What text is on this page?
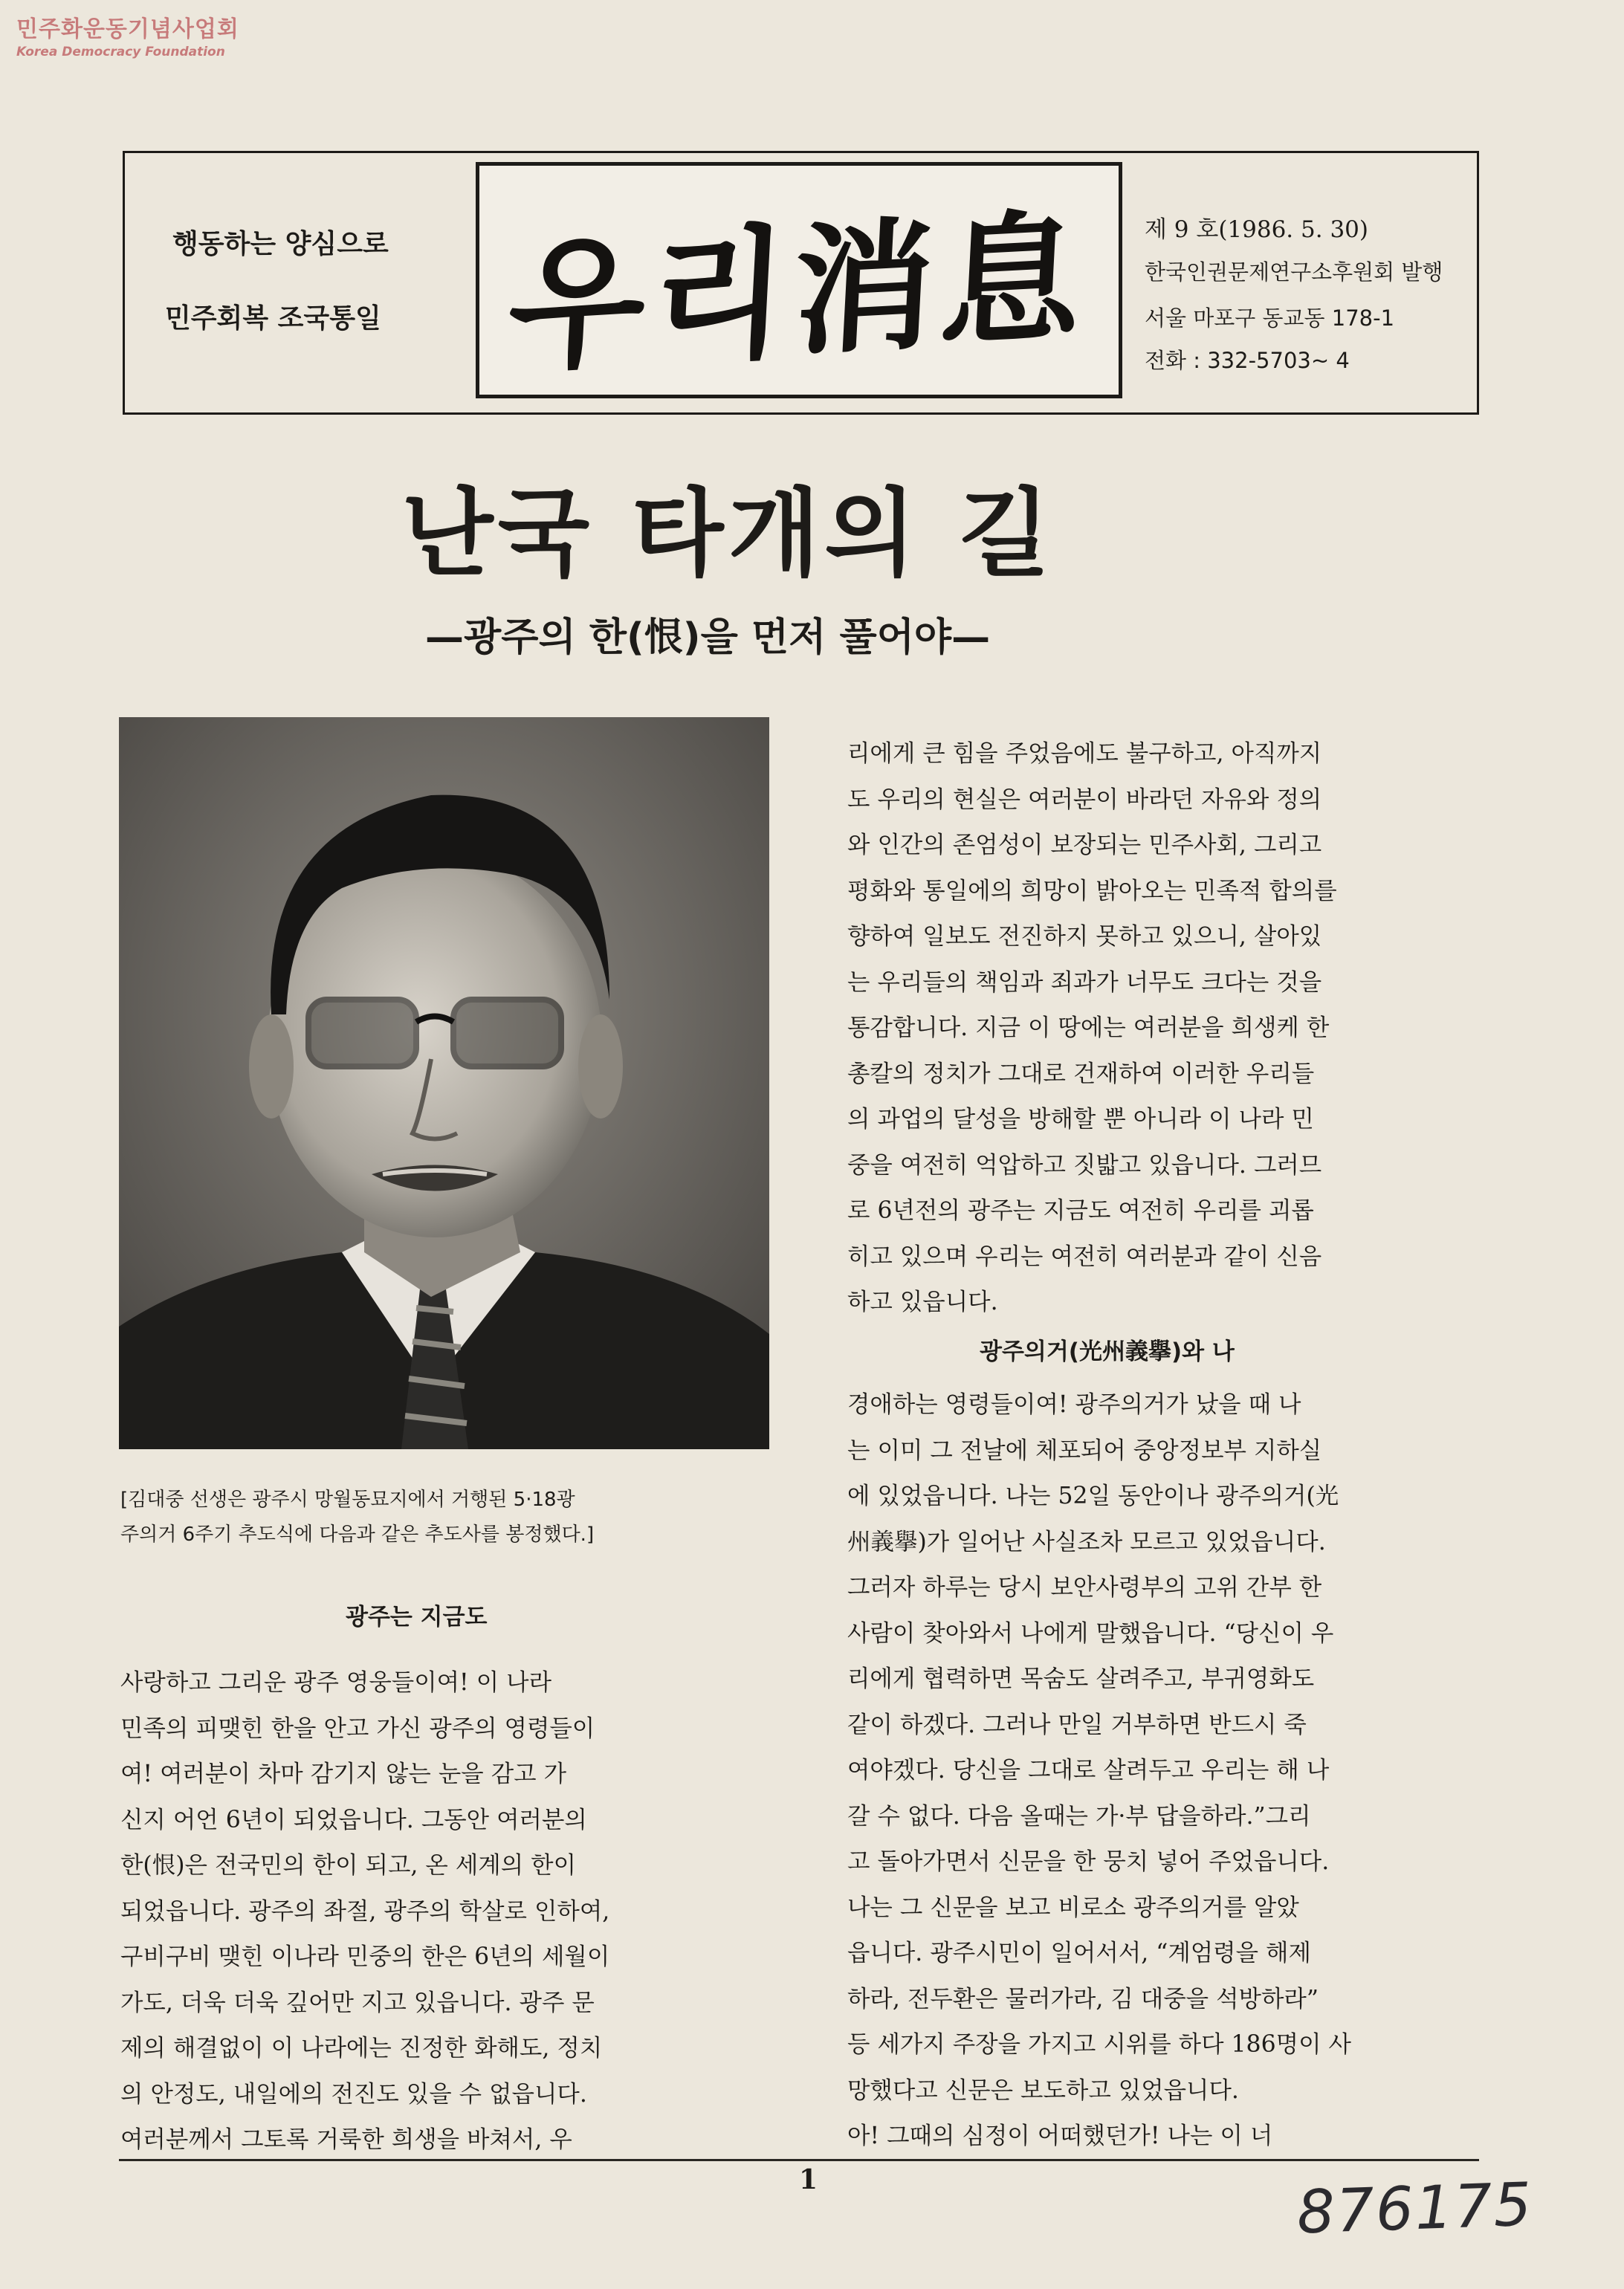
민주화운동기념사업회
Korea Democracy Foundation
행동하는 양심으로
민주회복 조국통일 우리消息 제 9 호(1986. 5. 30)
한국인권문제연구소후원회 발행
서울 마포구 동교동 178-1
전화 : 332-5703~ 4
난국 타개의 길
—광주의 한(恨)을 먼저 풀어야—
[김대중 선생은 광주시 망월동묘지에서 거행된 5·18광
주의거 6주기 추도식에 다음과 같은 추도사를 봉정했다.]
광주는 지금도
사랑하고 그리운 광주 영웅들이여! 이 나라
민족의 피맺힌 한을 안고 가신 광주의 영령들이
여! 여러분이 차마 감기지 않는 눈을 감고 가
신지 어언 6년이 되었읍니다. 그동안 여러분의
한(恨)은 전국민의 한이 되고, 온 세계의 한이
되었읍니다. 광주의 좌절, 광주의 학살로 인하여,
구비구비 맺힌 이나라 민중의 한은 6년의 세월이
가도, 더욱 더욱 깊어만 지고 있읍니다. 광주 문
제의 해결없이 이 나라에는 진정한 화해도, 정치
의 안정도, 내일에의 전진도 있을 수 없읍니다.
여러분께서 그토록 거룩한 희생을 바쳐서, 우
리에게 큰 힘을 주었음에도 불구하고, 아직까지
도 우리의 현실은 여러분이 바라던 자유와 정의
와 인간의 존엄성이 보장되는 민주사회, 그리고
평화와 통일에의 희망이 밝아오는 민족적 합의를
향하여 일보도 전진하지 못하고 있으니, 살아있
는 우리들의 책임과 죄과가 너무도 크다는 것을
통감합니다. 지금 이 땅에는 여러분을 희생케 한
총칼의 정치가 그대로 건재하여 이러한 우리들
의 과업의 달성을 방해할 뿐 아니라 이 나라 민
중을 여전히 억압하고 짓밟고 있읍니다. 그러므
로 6년전의 광주는 지금도 여전히 우리를 괴롭
히고 있으며 우리는 여전히 여러분과 같이 신음
하고 있읍니다.
광주의거(光州義擧)와 나
경애하는 영령들이여! 광주의거가 났을 때 나
는 이미 그 전날에 체포되어 중앙정보부 지하실
에 있었읍니다. 나는 52일 동안이나 광주의거(光
州義擧)가 일어난 사실조차 모르고 있었읍니다.
그러자 하루는 당시 보안사령부의 고위 간부 한
사람이 찾아와서 나에게 말했읍니다. “당신이 우
리에게 협력하면 목숨도 살려주고, 부귀영화도
같이 하겠다. 그러나 만일 거부하면 반드시 죽
여야겠다. 당신을 그대로 살려두고 우리는 해 나
갈 수 없다. 다음 올때는 가·부 답을하라.”그리
고 돌아가면서 신문을 한 뭉치 넣어 주었읍니다.
나는 그 신문을 보고 비로소 광주의거를 알았
읍니다. 광주시민이 일어서서, “계엄령을 해제
하라, 전두환은 물러가라, 김 대중을 석방하라”
등 세가지 주장을 가지고 시위를 하다 186명이 사
망했다고 신문은 보도하고 있었읍니다.
아! 그때의 심정이 어떠했던가! 나는 이 너
1	876175
